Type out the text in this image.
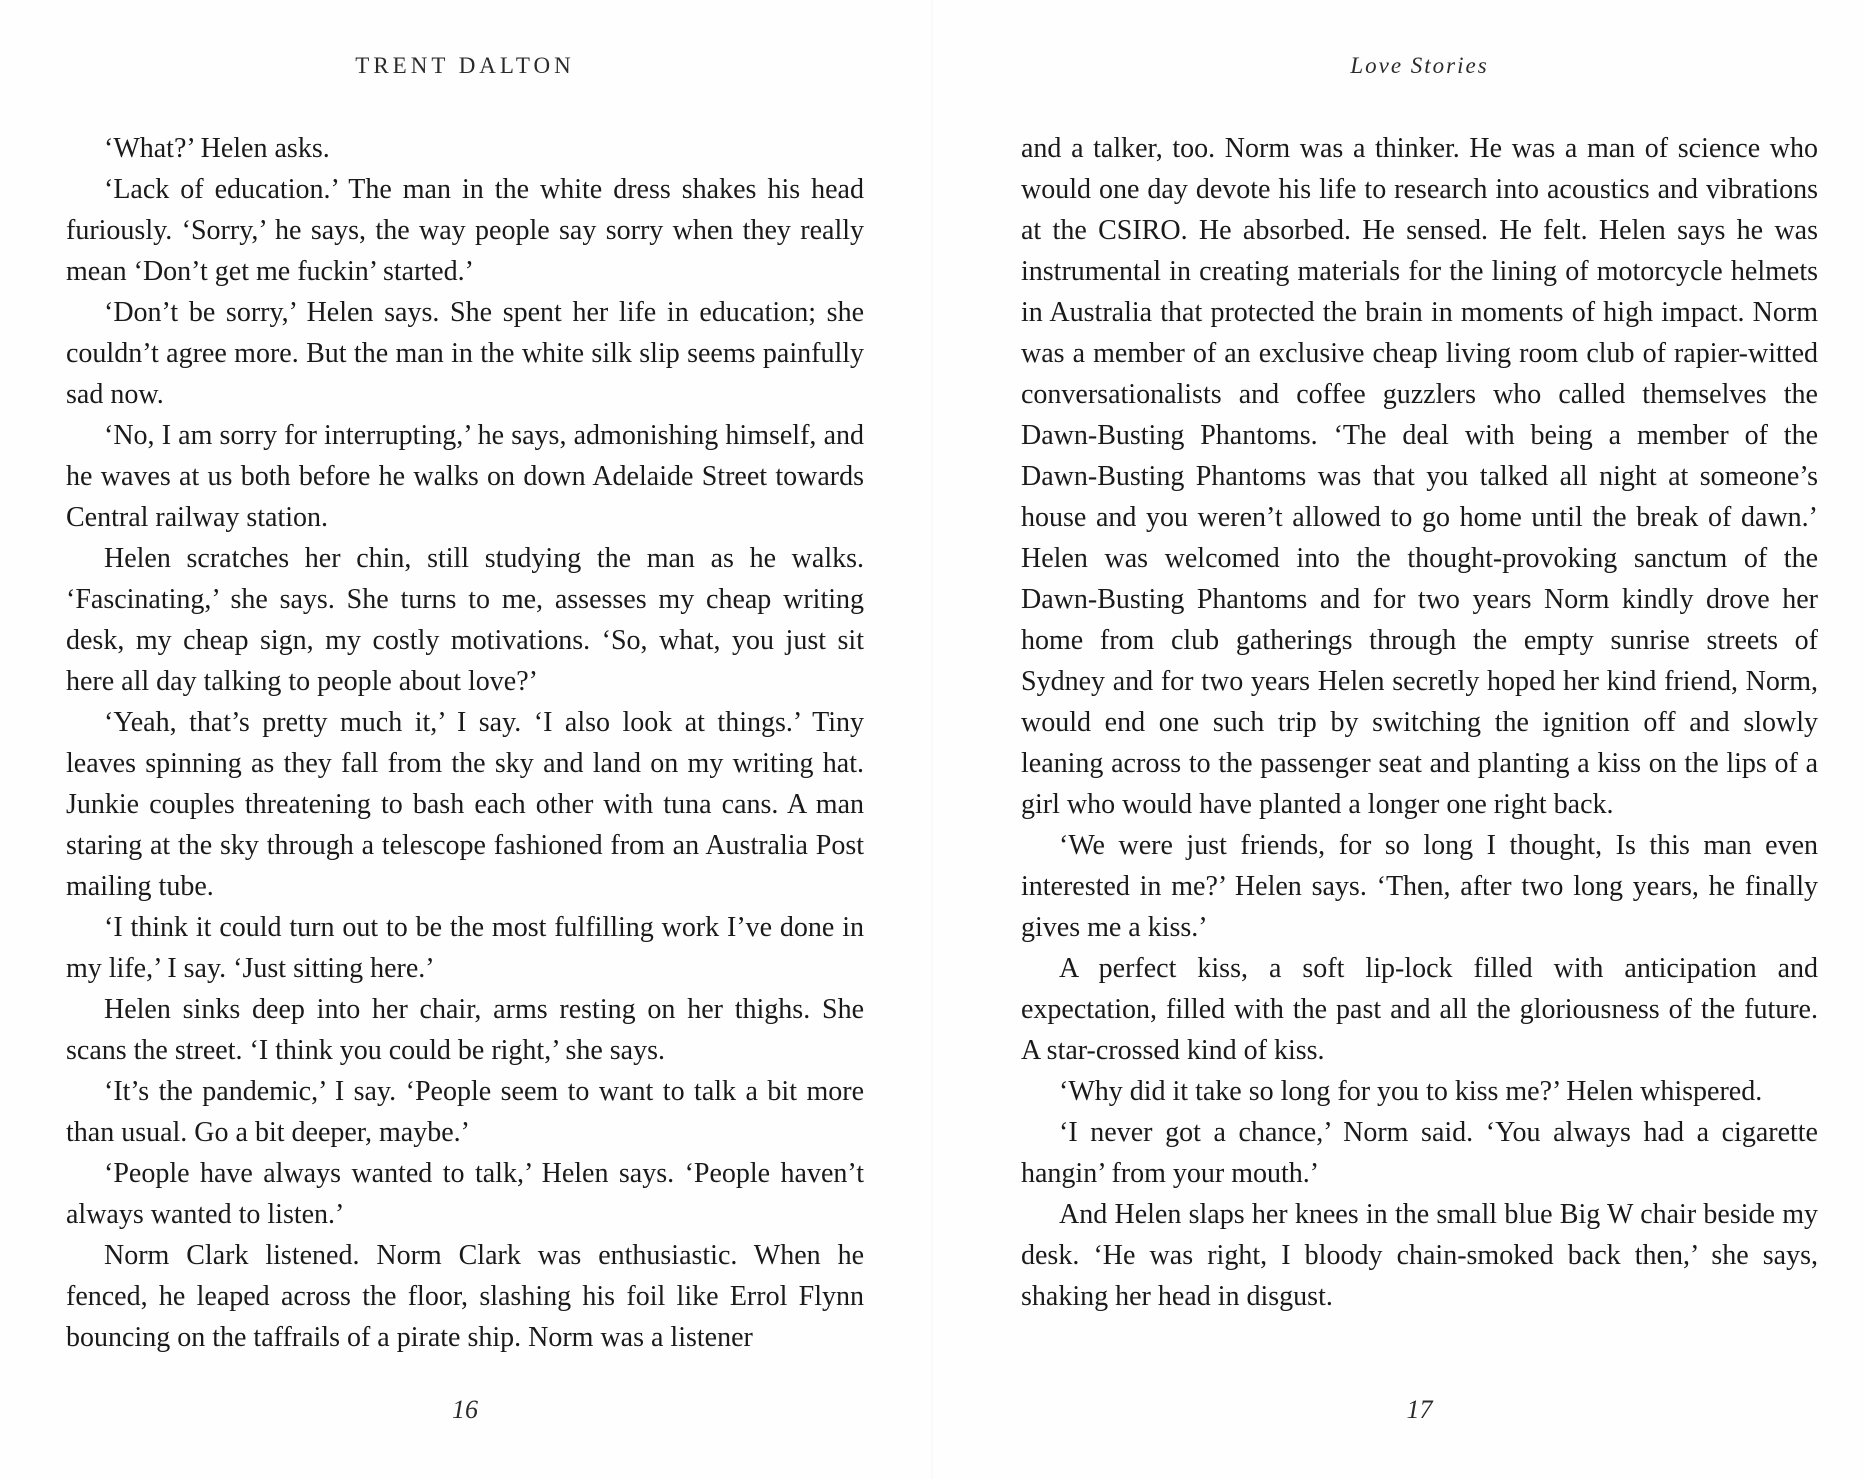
TRENT DALTON

‘What?’ Helen asks.

‘Lack of education.’ The man in the white dress shakes his head furiously. ‘Sorry,’ he says, the way people say sorry when they really mean ‘Don’t get me fuckin’ started.’

‘Don’t be sorry,’ Helen says. She spent her life in education; she couldn’t agree more. But the man in the white silk slip seems painfully sad now.

‘No, I am sorry for interrupting,’ he says, admonishing himself, and he waves at us both before he walks on down Adelaide Street towards Central railway station.

Helen scratches her chin, still studying the man as he walks. ‘Fascinating,’ she says. She turns to me, assesses my cheap writing desk, my cheap sign, my costly motivations. ‘So, what, you just sit here all day talking to people about love?’

‘Yeah, that’s pretty much it,’ I say. ‘I also look at things.’ Tiny leaves spinning as they fall from the sky and land on my writing hat. Junkie couples threatening to bash each other with tuna cans. A man staring at the sky through a telescope fashioned from an Australia Post mailing tube.

‘I think it could turn out to be the most fulfilling work I’ve done in my life,’ I say. ‘Just sitting here.’

Helen sinks deep into her chair, arms resting on her thighs. She scans the street. ‘I think you could be right,’ she says.

‘It’s the pandemic,’ I say. ‘People seem to want to talk a bit more than usual. Go a bit deeper, maybe.’

‘People have always wanted to talk,’ Helen says. ‘People haven’t always wanted to listen.’

Norm Clark listened. Norm Clark was enthusiastic. When he fenced, he leaped across the floor, slashing his foil like Errol Flynn bouncing on the taffrails of a pirate ship. Norm was a listener

16
Love Stories

and a talker, too. Norm was a thinker. He was a man of science who would one day devote his life to research into acoustics and vibrations at the CSIRO. He absorbed. He sensed. He felt. Helen says he was instrumental in creating materials for the lining of motorcycle helmets in Australia that protected the brain in moments of high impact. Norm was a member of an exclusive cheap living room club of rapier-witted conversationalists and coffee guzzlers who called themselves the Dawn-Busting Phantoms. ‘The deal with being a member of the Dawn-Busting Phantoms was that you talked all night at someone’s house and you weren’t allowed to go home until the break of dawn.’ Helen was welcomed into the thought-provoking sanctum of the Dawn-Busting Phantoms and for two years Norm kindly drove her home from club gatherings through the empty sunrise streets of Sydney and for two years Helen secretly hoped her kind friend, Norm, would end one such trip by switching the ignition off and slowly leaning across to the passenger seat and planting a kiss on the lips of a girl who would have planted a longer one right back.

‘We were just friends, for so long I thought, Is this man even interested in me?’ Helen says. ‘Then, after two long years, he finally gives me a kiss.’

A perfect kiss, a soft lip-lock filled with anticipation and expectation, filled with the past and all the gloriousness of the future. A star-crossed kind of kiss.

‘Why did it take so long for you to kiss me?’ Helen whispered.

‘I never got a chance,’ Norm said. ‘You always had a cigarette hangin’ from your mouth.’

And Helen slaps her knees in the small blue Big W chair beside my desk. ‘He was right, I bloody chain-smoked back then,’ she says, shaking her head in disgust.

17
